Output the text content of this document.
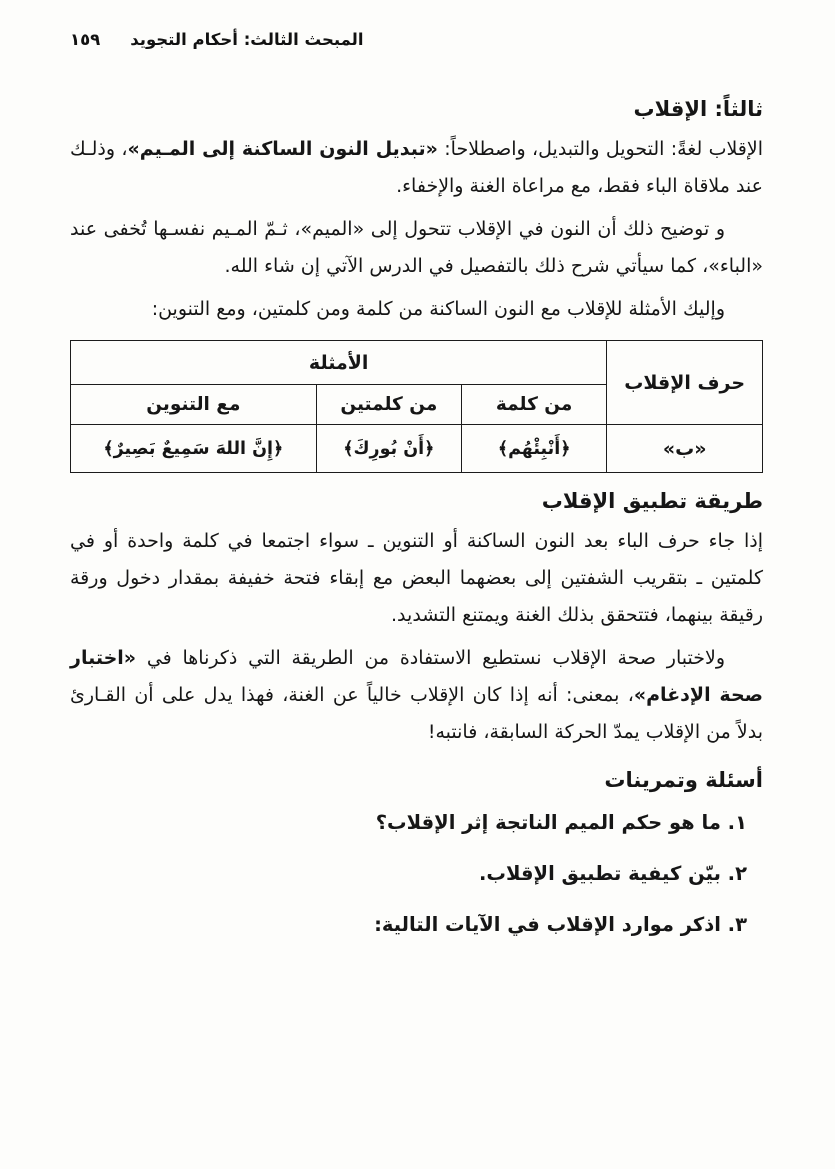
١٥٩ المبحث الثالث: أحكام التجويد
ثالثاً: الإقلاب

الإقلاب لغةً: التحويل والتبديل، واصطلاحاً: «تبديل النون الساكنة إلى المـيم»، وذلـك عند ملاقاة الباء فقط، مع مراعاة الغنة والإخفاء.

و توضيح ذلك أن النون في الإقلاب تتحول إلى «الميم»، ثـمّ المـيم نفسـها تُخفى عند «الباء»، كما سيأتي شرح ذلك بالتفصيل في الدرس الآتي إن شاء الله.

وإليك الأمثلة للإقلاب مع النون الساكنة من كلمة ومن كلمتين، ومع التنوين:

حرف الإقلاب	الأمثلة		
	من كلمة	من كلمتين	مع التنوين
«ب»	﴿أَنْبِئْهُم﴾	﴿أَنْ بُورِكَ﴾	﴿إِنَّ اللهَ سَمِيعٌ بَصِيرٌ﴾
طريقة تطبيق الإقلاب

إذا جاء حرف الباء بعد النون الساكنة أو التنوين ـ سواء اجتمعا في كلمة واحدة أو في كلمتين ـ بتقريب الشفتين إلى بعضهما البعض مع إبقاء فتحة خفيفة بمقدار دخول ورقة رقيقة بينهما، فتتحقق بذلك الغنة ويمتنع التشديد.

ولاختبار صحة الإقلاب نستطيع الاستفادة من الطريقة التي ذكرناها في «اختبار صحة الإدغام»، بمعنى: أنه إذا كان الإقلاب خالياً عن الغنة، فهذا يدل على أن القـارئ بدلاً من الإقلاب يمدّ الحركة السابقة، فانتبه!

أسئلة وتمرينات
١. ما هو حكم الميم الناتجة إثر الإقلاب؟
٢. بيّن كيفية تطبيق الإقلاب.
٣. اذكر موارد الإقلاب في الآيات التالية:
